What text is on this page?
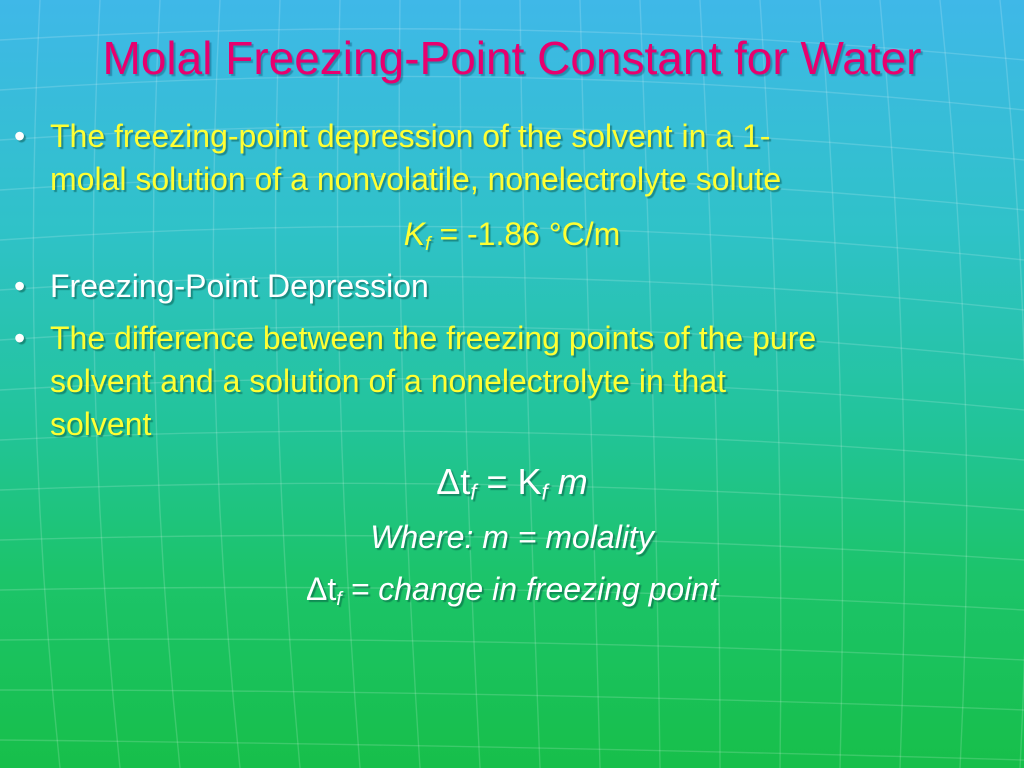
Molal Freezing-Point Constant for Water
• The freezing-point depression of the solvent in a 1-
molal solution of a nonvolatile, nonelectrolyte solute
$K_f = -1.86$ °C/m
• Freezing-Point Depression
• The difference between the freezing points of the pure
solvent and a solution of a nonelectrolyte in that
solvent
$\Delta t_f = K_f$ m
Where: m = molality
$\Delta t_f$ = change in freezing point
